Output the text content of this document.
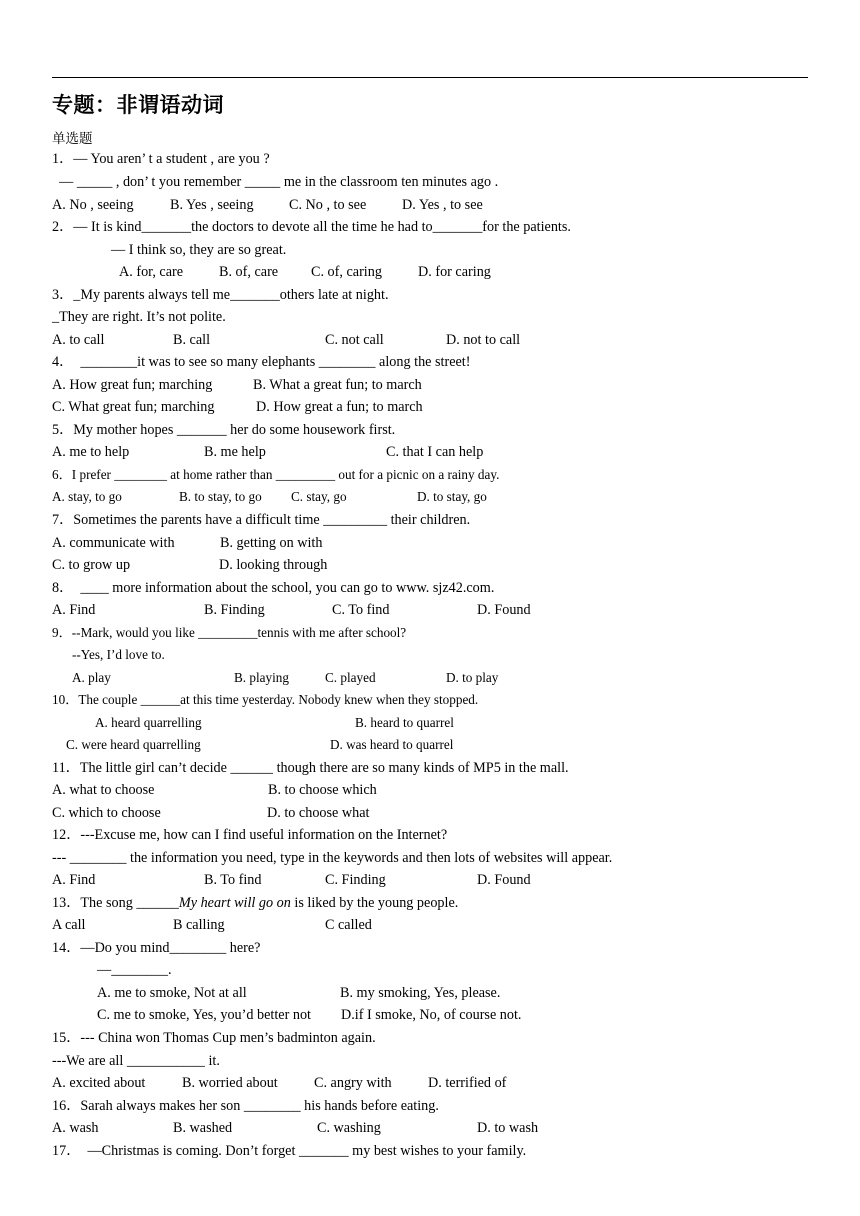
专题：非谓语动词
单选题
1．— You aren’ t a student , are you ?
— _____ , don’ t you remember _____ me in the classroom ten minutes ago .
A. No , seeing	B. Yes , seeing C. No , to see	D. Yes , to see
2．— It is kind_______the doctors to devote all the time he had to_______for the patients.
— I think so, they are so great.
A. for, care	B. of, care C. of, caring	D. for caring
3．_My parents always tell me_______others late at night.
_They are right. It’s not polite.
A. to call	B. call	C. not call	D. not to call
4．  ________it was to see so many elephants ________ along the street!
A. How great fun; marching	B. What a great fun; to march
C. What great fun; marching	D. How great a fun; to march
5．My mother hopes _______ her do some housework first.
A. me to help	B. me help	C. that I can help
6．I prefer ________ at home rather than _________ out for a picnic on a rainy day.
A. stay, to go	B. to stay, to go C. stay, go	D. to stay, go
7．Sometimes the parents have a difficult time _________ their children.
A. communicate with	B. getting on with
C. to grow up	D. looking through
8．  ____ more information about the school, you can go to www. sjz42.com.
A. Find	B. Finding	C. To find	D. Found
9．--Mark, would you like _________tennis with me after school?
--Yes, I’d love to.
A. play	B. playing	C. played	D. to play
10．The couple ______at this time yesterday. Nobody knew when they stopped.
A. heard quarrelling	B. heard to quarrel
C. were heard quarrelling	D. was heard to quarrel
11．The little girl can’t decide ______ though there are so many kinds of MP5 in the mall.
A. what to choose	B. to choose which
C. which to choose	D. to choose what
12．---Excuse me, how can I find useful information on the Internet?
--- ________ the information you need, type in the keywords and then lots of websites will appear.
A. Find	B. To find	C. Finding	D. Found
13．The song ______My heart will go on is liked by the young people.
A call	B calling	C called
14．—Do you mind________ here?
—________.
A. me to smoke, Not at all	B. my smoking, Yes, please.
C. me to smoke, Yes, you’d better not D.if I smoke, No, of course not.
15．--- China won Thomas Cup men’s badminton again.
---We are all ___________ it.
A. excited about	B. worried about	C. angry with	D. terrified of
16．Sarah always makes her son ________ his hands before eating.
A. wash	B. washed	C. washing	D. to wash
17．  —Christmas is coming. Don’t forget _______ my best wishes to your family.
